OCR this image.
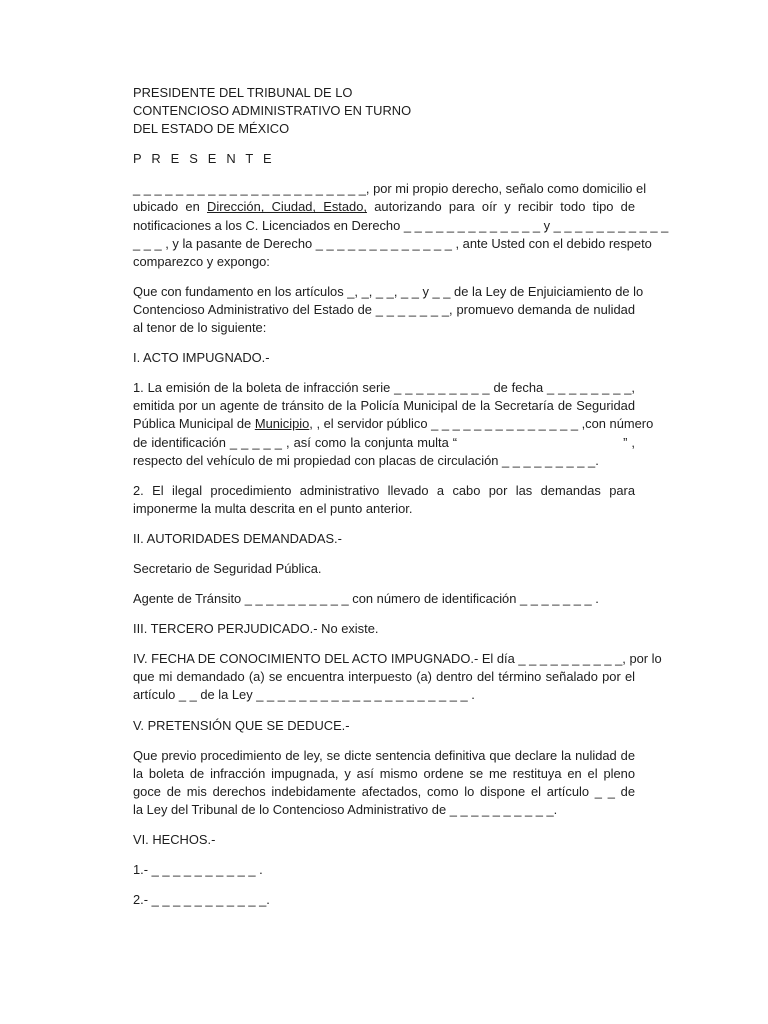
PRESIDENTE DEL TRIBUNAL DE LO

CONTENCIOSO ADMINISTRATIVO EN TURNO

DEL ESTADO DE MÉXICO

P R E S E N T E

_ _ _ _ _ _ _ _ _ _ _ _ _ _ _ _ _ _ _ _ _ _, por mi propio derecho, señalo como domicilio el
ubicado en Dirección, Ciudad, Estado, autorizando para oír y recibir todo tipo de
notificaciones a los C. Licenciados en Derecho _ _ _ _ _ _ _ _ _ _ _ _ _ y _ _ _ _ _ _ _ _ _ _ _
_ _ _ , y la pasante de Derecho _ _ _ _ _ _ _ _ _ _ _ _ _ , ante Usted con el debido respeto
comparezco y expongo:
Que con fundamento en los artículos _, _, _ _, _ _ y _ _ de la Ley de Enjuiciamiento de lo
Contencioso Administrativo del Estado de _ _ _ _ _ _ _, promuevo demanda de nulidad
al tenor de lo siguiente:

I. ACTO IMPUGNADO.-

1. La emisión de la boleta de infracción serie _ _ _ _ _ _ _ _ _ de fecha _ _ _ _ _ _ _ _,
emitida por un agente de tránsito de la Policía Municipal de la Secretaría de Seguridad
Pública Municipal de Municipio, , el servidor público _ _ _ _ _ _ _ _ _ _ _ _ _ _ ,con número
de identificación _ _ _ _ _ , así como la conjunta multa “	” ,
respecto del vehículo de mi propiedad con placas de circulación _ _ _ _ _ _ _ _ _.
2. El ilegal procedimiento administrativo llevado a cabo por las demandas para
imponerme la multa descrita en el punto anterior.

II. AUTORIDADES DEMANDADAS.-

Secretario de Seguridad Pública.

Agente de Tránsito _ _ _ _ _ _ _ _ _ _ con número de identificación _ _ _ _ _ _ _ .

III. TERCERO PERJUDICADO.- No existe.

IV. FECHA DE CONOCIMIENTO DEL ACTO IMPUGNADO.- El día _ _ _ _ _ _ _ _ _ _, por lo
que mi demandado (a) se encuentra interpuesto (a) dentro del término señalado por el
artículo _ _ de la Ley _ _ _ _ _ _ _ _ _ _ _ _ _ _ _ _ _ _ _ _ .

V. PRETENSIÓN QUE SE DEDUCE.-

Que previo procedimiento de ley, se dicte sentencia definitiva que declare la nulidad de
la boleta de infracción impugnada, y así mismo ordene se me restituya en el pleno
goce de mis derechos indebidamente afectados, como lo dispone el artículo _ _ de
la Ley del Tribunal de lo Contencioso Administrativo de _ _ _ _ _ _ _ _ _ _.

VI. HECHOS.-

1.- _ _ _ _ _ _ _ _ _ _ .

2.- _ _ _ _ _ _ _ _ _ _ _.
